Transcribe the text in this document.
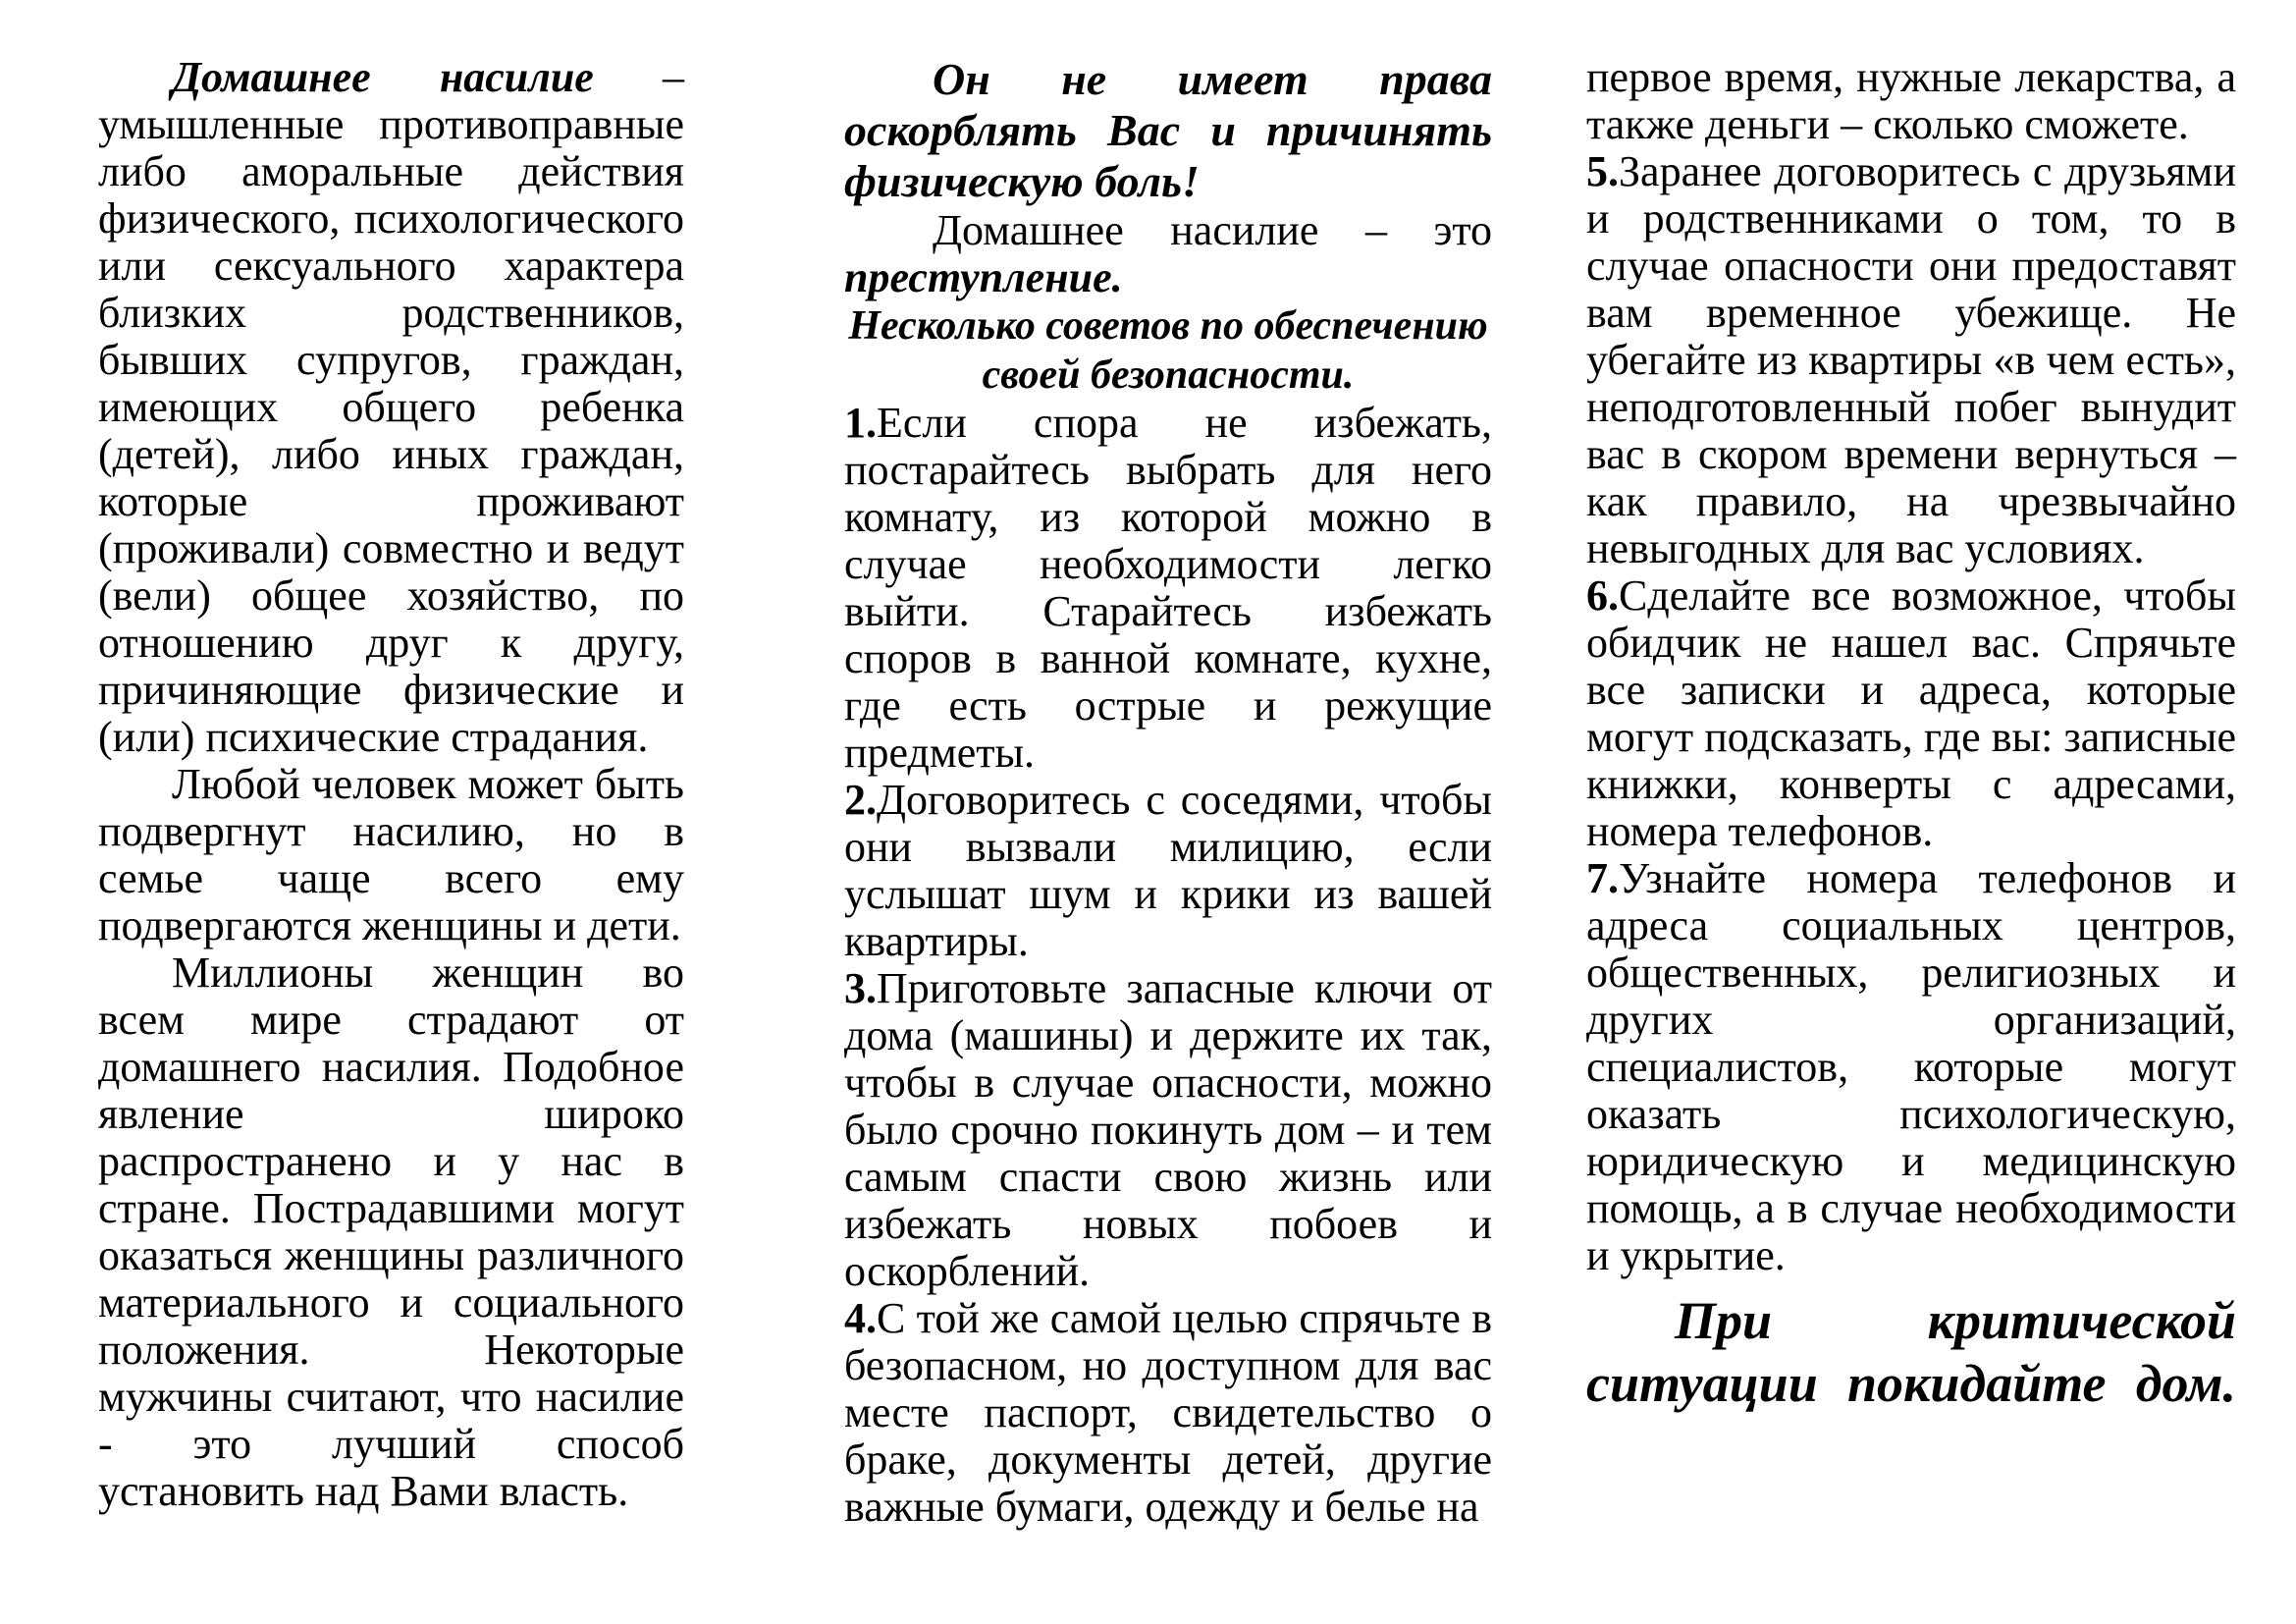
Домашнее насилие – умышленные противоправные либо аморальные действия физического, психологического или сексуального характера близких родственников, бывших супругов, граждан, имеющих общего ребенка (детей), либо иных граждан, которые проживают (проживали) совместно и ведут (вели) общее хозяйство, по отношению друг к другу, причиняющие физические и (или) психические страдания.

Любой человек может быть подвергнут насилию, но в семье чаще всего ему подвергаются женщины и дети.

Миллионы женщин во всем мире страдают от домашнего насилия. Подобное явление широко распространено и у нас в стране. Пострадавшими могут оказаться женщины различного материального и социального положения. Некоторые мужчины считают, что насилие - это лучший способ установить над Вами власть.

Он не имеет права оскорблять Вас и причинять физическую боль!

Домашнее насилие – это преступление.

Несколько советов по обеспечению своей безопасности.

1.Если спора не избежать, постарайтесь выбрать для него комнату, из которой можно в случае необходимости легко выйти. Старайтесь избежать споров в ванной комнате, кухне, где есть острые и режущие предметы.

2.Договоритесь с соседями, чтобы они вызвали милицию, если услышат шум и крики из вашей квартиры.

3.Приготовьте запасные ключи от дома (машины) и держите их так, чтобы в случае опасности, можно было срочно покинуть дом – и тем самым спасти свою жизнь или избежать новых побоев и оскорблений.

4.С той же самой целью спрячьте в безопасном, но доступном для вас месте паспорт, свидетельство о браке, документы детей, другие важные бумаги, одежду и белье на

первое время, нужные лекарства, а также деньги – сколько сможете.

5.Заранее договоритесь с друзьями и родственниками о том, то в случае опасности они предоставят вам временное убежище. Не убегайте из квартиры «в чем есть», неподготовленный побег вынудит вас в скором времени вернуться – как правило, на чрезвычайно невыгодных для вас условиях.

6.Сделайте все возможное, чтобы обидчик не нашел вас. Спрячьте все записки и адреса, которые могут подсказать, где вы: записные книжки, конверты с адресами, номера телефонов.

7.Узнайте номера телефонов и адреса социальных центров, общественных, религиозных и других организаций, специалистов, которые могут оказать психологическую, юридическую и медицинскую помощь, а в случае необходимости и укрытие.

При критической ситуации покидайте дом.
